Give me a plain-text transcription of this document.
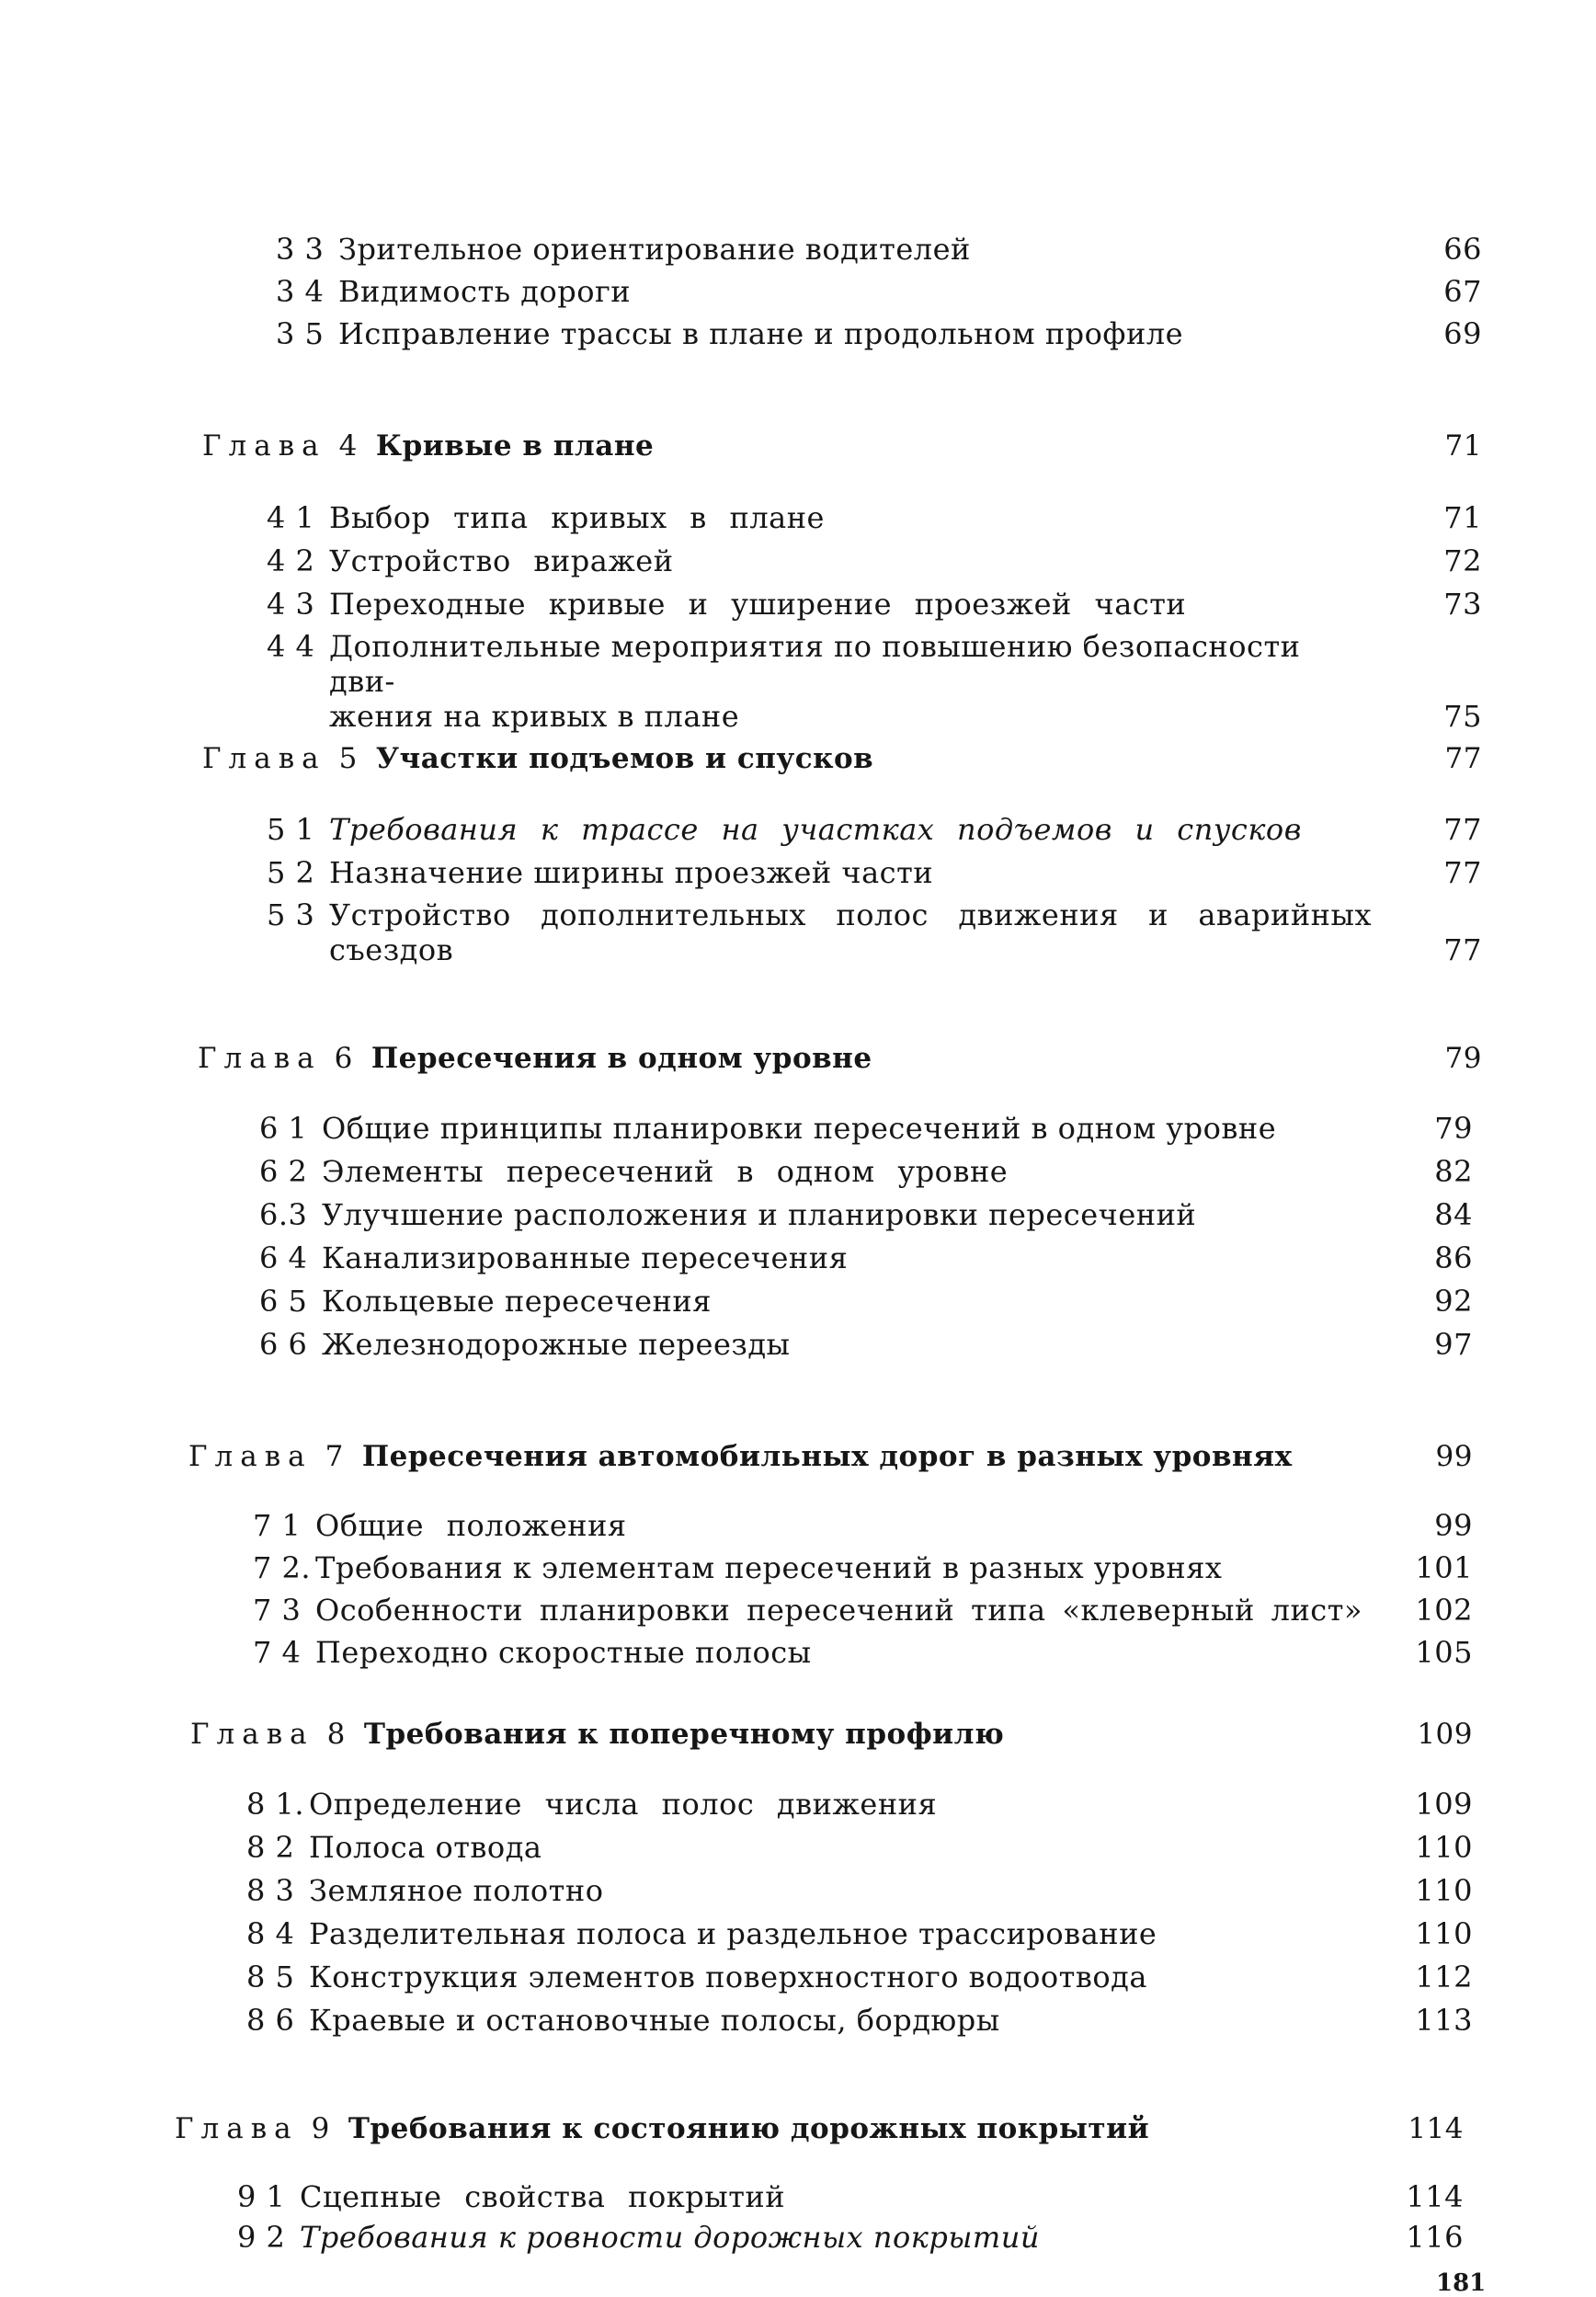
3 3 Зрительное ориентирование водителей	66
3 4 Видимость дороги	67
3 5 Исправление трассы в плане и продольном профиле	69
Глава 4 Кривые в плане	71
4 1 Выбор типа кривых в плане	71
4 2 Устройство виражей	72
4 3 Переходные кривые и уширение проезжей части	73
4 4 Дополнительные мероприятия по повышению безопасности дви-
жения на кривых в плане	75
Глава 5 Участки подъемов и спусков	77
5 1 Требования к трассе на участках подъемов и спусков	77
5 2 Назначение ширины проезжей части	77
5 3 Устройство дополнительных полос движения и аварийных
съездов	77
Глава 6 Пересечения в одном уровне	79
6 1 Общие принципы планировки пересечений в одном уровне	79
6 2 Элементы пересечений в одном уровне	82
6.3 Улучшение расположения и планировки пересечений	84
6 4 Канализированные пересечения	86
6 5 Кольцевые пересечения	92
6 6 Железнодорожные переезды	97
Глава 7 Пересечения автомобильных дорог в разных уровнях	99
7 1 Общие положения	99
7 2. Требования к элементам пересечений в разных уровнях	101
7 3 Особенности планировки пересечений типа «клеверный лист»	102
7 4 Переходно скоростные полосы	105
Глава 8 Требования к поперечному профилю	109
8 1. Определение числа полос движения	109
8 2 Полоса отвода	110
8 3 Земляное полотно	110
8 4 Разделительная полоса и раздельное трассирование	110
8 5 Конструкция элементов поверхностного водоотвода	112
8 6 Краевые и остановочные полосы, бордюры	113
Глава 9 Требования к состоянию дорожных покрытий	114
9 1 Сцепные свойства покрытий	114
9 2 Требования к ровности дорожных покрытий	116
181
